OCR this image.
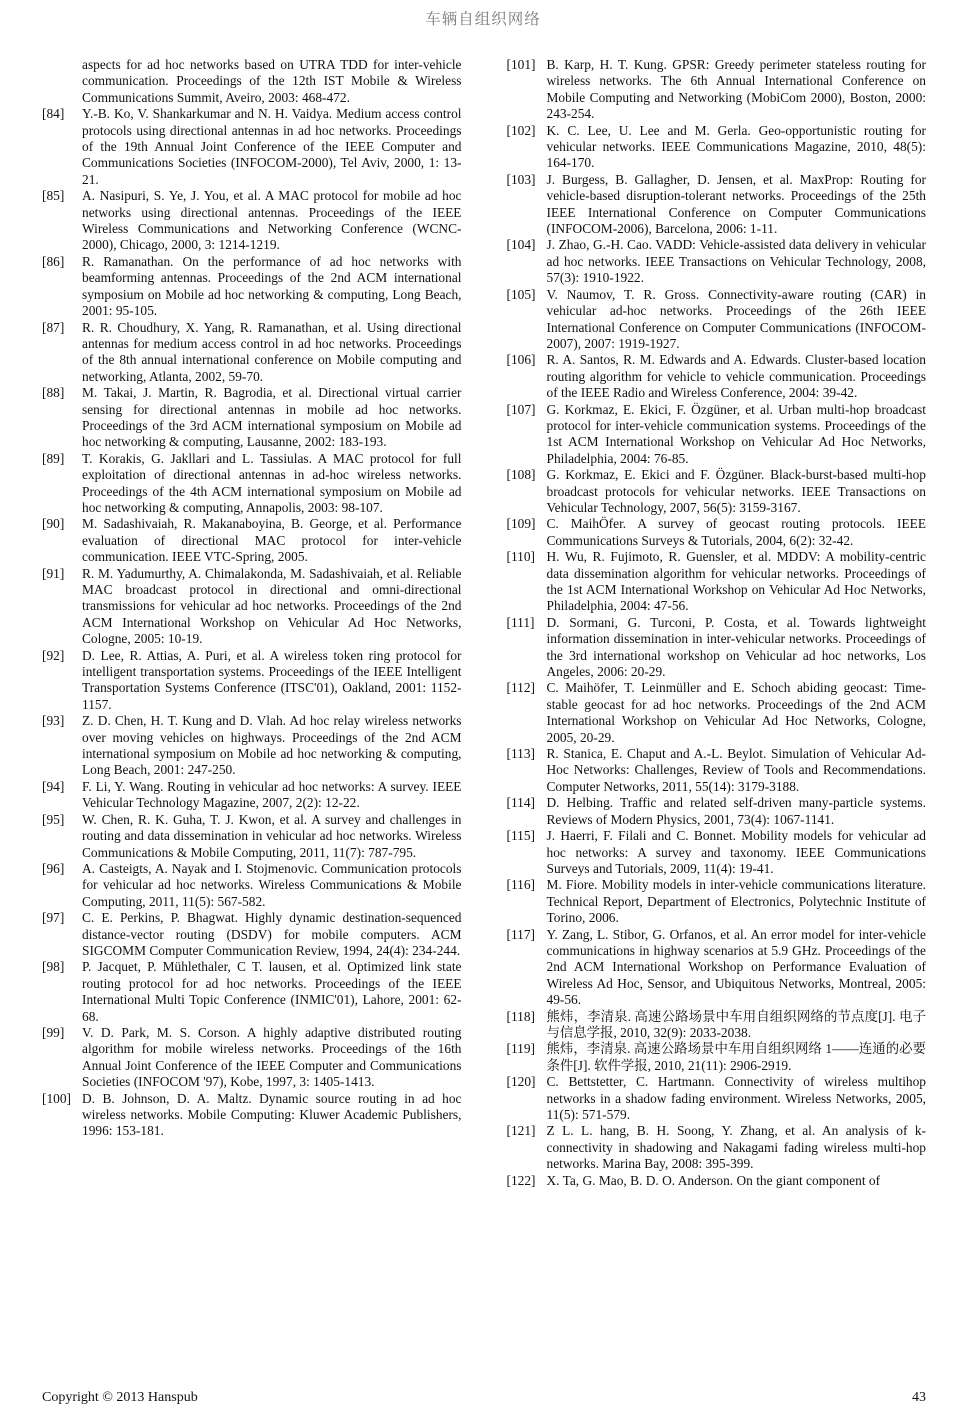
车辆自组织网络
aspects for ad hoc networks based on UTRA TDD for inter-vehicle communication. Proceedings of the 12th IST Mobile & Wireless Communications Summit, Aveiro, 2003: 468-472.
[84] Y.-B. Ko, V. Shankarkumar and N. H. Vaidya. Medium access control protocols using directional antennas in ad hoc networks. Proceedings of the 19th Annual Joint Conference of the IEEE Computer and Communications Societies (INFOCOM-2000), Tel Aviv, 2000, 1: 13-21.
[85] A. Nasipuri, S. Ye, J. You, et al. A MAC protocol for mobile ad hoc networks using directional antennas. Proceedings of the IEEE Wireless Communications and Networking Conference (WCNC-2000), Chicago, 2000, 3: 1214-1219.
[86] R. Ramanathan. On the performance of ad hoc networks with beamforming antennas. Proceedings of the 2nd ACM international symposium on Mobile ad hoc networking & computing, Long Beach, 2001: 95-105.
[87] R. R. Choudhury, X. Yang, R. Ramanathan, et al. Using directional antennas for medium access control in ad hoc networks. Proceedings of the 8th annual international conference on Mobile computing and networking, Atlanta, 2002, 59-70.
[88] M. Takai, J. Martin, R. Bagrodia, et al. Directional virtual carrier sensing for directional antennas in mobile ad hoc networks. Proceedings of the 3rd ACM international symposium on Mobile ad hoc networking & computing, Lausanne, 2002: 183-193.
[89] T. Korakis, G. Jakllari and L. Tassiulas. A MAC protocol for full exploitation of directional antennas in ad-hoc wireless networks. Proceedings of the 4th ACM international symposium on Mobile ad hoc networking & computing, Annapolis, 2003: 98-107.
[90] M. Sadashivaiah, R. Makanaboyina, B. George, et al. Performance evaluation of directional MAC protocol for inter-vehicle communication. IEEE VTC-Spring, 2005.
[91] R. M. Yadumurthy, A. Chimalakonda, M. Sadashivaiah, et al. Reliable MAC broadcast protocol in directional and omni-directional transmissions for vehicular ad hoc networks. Proceedings of the 2nd ACM International Workshop on Vehicular Ad Hoc Networks, Cologne, 2005: 10-19.
[92] D. Lee, R. Attias, A. Puri, et al. A wireless token ring protocol for intelligent transportation systems. Proceedings of the IEEE Intelligent Transportation Systems Conference (ITSC'01), Oakland, 2001: 1152-1157.
[93] Z. D. Chen, H. T. Kung and D. Vlah. Ad hoc relay wireless networks over moving vehicles on highways. Proceedings of the 2nd ACM international symposium on Mobile ad hoc networking & computing, Long Beach, 2001: 247-250.
[94] F. Li, Y. Wang. Routing in vehicular ad hoc networks: A survey. IEEE Vehicular Technology Magazine, 2007, 2(2): 12-22.
[95] W. Chen, R. K. Guha, T. J. Kwon, et al. A survey and challenges in routing and data dissemination in vehicular ad hoc networks. Wireless Communications & Mobile Computing, 2011, 11(7): 787-795.
[96] A. Casteigts, A. Nayak and I. Stojmenovic. Communication protocols for vehicular ad hoc networks. Wireless Communications & Mobile Computing, 2011, 11(5): 567-582.
[97] C. E. Perkins, P. Bhagwat. Highly dynamic destination-sequenced distance-vector routing (DSDV) for mobile computers. ACM SIGCOMM Computer Communication Review, 1994, 24(4): 234-244.
[98] P. Jacquet, P. Mühlethaler, C T. lausen, et al. Optimized link state routing protocol for ad hoc networks. Proceedings of the IEEE International Multi Topic Conference (INMIC'01), Lahore, 2001: 62-68.
[99] V. D. Park, M. S. Corson. A highly adaptive distributed routing algorithm for mobile wireless networks. Proceedings of the 16th Annual Joint Conference of the IEEE Computer and Communications Societies (INFOCOM '97), Kobe, 1997, 3: 1405-1413.
[100] D. B. Johnson, D. A. Maltz. Dynamic source routing in ad hoc wireless networks. Mobile Computing: Kluwer Academic Publishers, 1996: 153-181.
[101] B. Karp, H. T. Kung. GPSR: Greedy perimeter stateless routing for wireless networks. The 6th Annual International Conference on Mobile Computing and Networking (MobiCom 2000), Boston, 2000: 243-254.
[102] K. C. Lee, U. Lee and M. Gerla. Geo-opportunistic routing for vehicular networks. IEEE Communications Magazine, 2010, 48(5): 164-170.
[103] J. Burgess, B. Gallagher, D. Jensen, et al. MaxProp: Routing for vehicle-based disruption-tolerant networks. Proceedings of the 25th IEEE International Conference on Computer Communications (INFOCOM-2006), Barcelona, 2006: 1-11.
[104] J. Zhao, G.-H. Cao. VADD: Vehicle-assisted data delivery in vehicular ad hoc networks. IEEE Transactions on Vehicular Technology, 2008, 57(3): 1910-1922.
[105] V. Naumov, T. R. Gross. Connectivity-aware routing (CAR) in vehicular ad-hoc networks. Proceedings of the 26th IEEE International Conference on Computer Communications (INFOCOM-2007), 2007: 1919-1927.
[106] R. A. Santos, R. M. Edwards and A. Edwards. Cluster-based location routing algorithm for vehicle to vehicle communication. Proceedings of the IEEE Radio and Wireless Conference, 2004: 39-42.
[107] G. Korkmaz, E. Ekici, F. Özgüner, et al. Urban multi-hop broadcast protocol for inter-vehicle communication systems. Proceedings of the 1st ACM International Workshop on Vehicular Ad Hoc Networks, Philadelphia, 2004: 76-85.
[108] G. Korkmaz, E. Ekici and F. Özgüner. Black-burst-based multi-hop broadcast protocols for vehicular networks. IEEE Transactions on Vehicular Technology, 2007, 56(5): 3159-3167.
[109] C. MaihÖfer. A survey of geocast routing protocols. IEEE Communications Surveys & Tutorials, 2004, 6(2): 32-42.
[110] H. Wu, R. Fujimoto, R. Guensler, et al. MDDV: A mobility-centric data dissemination algorithm for vehicular networks. Proceedings of the 1st ACM International Workshop on Vehicular Ad Hoc Networks, Philadelphia, 2004: 47-56.
[111] D. Sormani, G. Turconi, P. Costa, et al. Towards lightweight information dissemination in inter-vehicular networks. Proceedings of the 3rd international workshop on Vehicular ad hoc networks, Los Angeles, 2006: 20-29.
[112] C. Maihöfer, T. Leinmüller and E. Schoch abiding geocast: Time-stable geocast for ad hoc networks. Proceedings of the 2nd ACM International Workshop on Vehicular Ad Hoc Networks, Cologne, 2005, 20-29.
[113] R. Stanica, E. Chaput and A.-L. Beylot. Simulation of Vehicular Ad-Hoc Networks: Challenges, Review of Tools and Recommendations. Computer Networks, 2011, 55(14): 3179-3188.
[114] D. Helbing. Traffic and related self-driven many-particle systems. Reviews of Modern Physics, 2001, 73(4): 1067-1141.
[115] J. Haerri, F. Filali and C. Bonnet. Mobility models for vehicular ad hoc networks: A survey and taxonomy. IEEE Communications Surveys and Tutorials, 2009, 11(4): 19-41.
[116] M. Fiore. Mobility models in inter-vehicle communications literature. Technical Report, Department of Electronics, Polytechnic Institute of Torino, 2006.
[117] Y. Zang, L. Stibor, G. Orfanos, et al. An error model for inter-vehicle communications in highway scenarios at 5.9 GHz. Proceedings of the 2nd ACM International Workshop on Performance Evaluation of Wireless Ad Hoc, Sensor, and Ubiquitous Networks, Montreal, 2005: 49-56.
[118] 熊炜，李清泉. 高速公路场景中车用自组织网络的节点度[J]. 电子与信息学报, 2010, 32(9): 2033-2038.
[119] 熊炜，李清泉. 高速公路场景中车用自组织网络 1——连通的必要条件[J]. 软件学报, 2010, 21(11): 2906-2919.
[120] C. Bettstetter, C. Hartmann. Connectivity of wireless multihop networks in a shadow fading environment. Wireless Networks, 2005, 11(5): 571-579.
[121] Z L. L. hang, B. H. Soong, Y. Zhang, et al. An analysis of k-connectivity in shadowing and Nakagami fading wireless multi-hop networks. Marina Bay, 2008: 395-399.
[122] X. Ta, G. Mao, B. D. O. Anderson. On the giant component of
Copyright © 2013 Hanspub	43
